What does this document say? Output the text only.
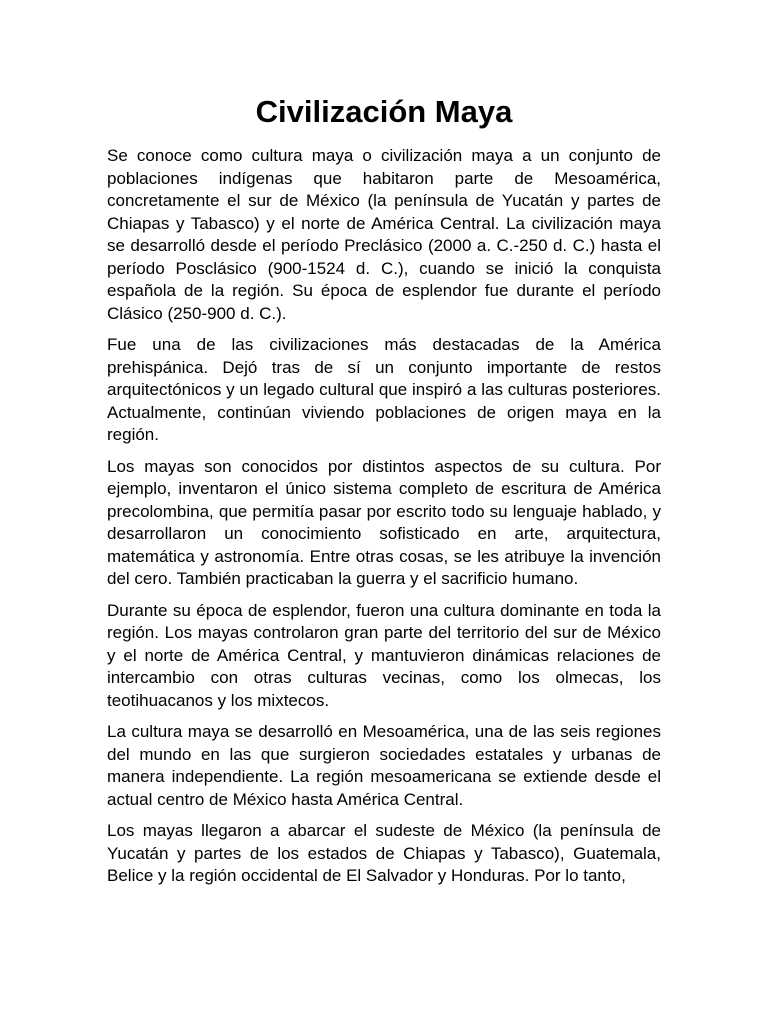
Civilización Maya

Se conoce como cultura maya o civilización maya a un conjunto de poblaciones indígenas que habitaron parte de Mesoamérica, concretamente el sur de México (la península de Yucatán y partes de Chiapas y Tabasco) y el norte de América Central. La civilización maya se desarrolló desde el período Preclásico (2000 a. C.-250 d. C.) hasta el período Posclásico (900-1524 d. C.), cuando se inició la conquista española de la región. Su época de esplendor fue durante el período Clásico (250-900 d. C.).

Fue una de las civilizaciones más destacadas de la América prehispánica. Dejó tras de sí un conjunto importante de restos arquitectónicos y un legado cultural que inspiró a las culturas posteriores. Actualmente, continúan viviendo poblaciones de origen maya en la región.

Los mayas son conocidos por distintos aspectos de su cultura. Por ejemplo, inventaron el único sistema completo de escritura de América precolombina, que permitía pasar por escrito todo su lenguaje hablado, y desarrollaron un conocimiento sofisticado en arte, arquitectura, matemática y astronomía. Entre otras cosas, se les atribuye la invención del cero. También practicaban la guerra y el sacrificio humano.

Durante su época de esplendor, fueron una cultura dominante en toda la región. Los mayas controlaron gran parte del territorio del sur de México y el norte de América Central, y mantuvieron dinámicas relaciones de intercambio con otras culturas vecinas, como los olmecas, los teotihuacanos y los mixtecos.

La cultura maya se desarrolló en Mesoamérica, una de las seis regiones del mundo en las que surgieron sociedades estatales y urbanas de manera independiente. La región mesoamericana se extiende desde el actual centro de México hasta América Central.

Los mayas llegaron a abarcar el sudeste de México (la península de Yucatán y partes de los estados de Chiapas y Tabasco), Guatemala, Belice y la región occidental de El Salvador y Honduras. Por lo tanto,
